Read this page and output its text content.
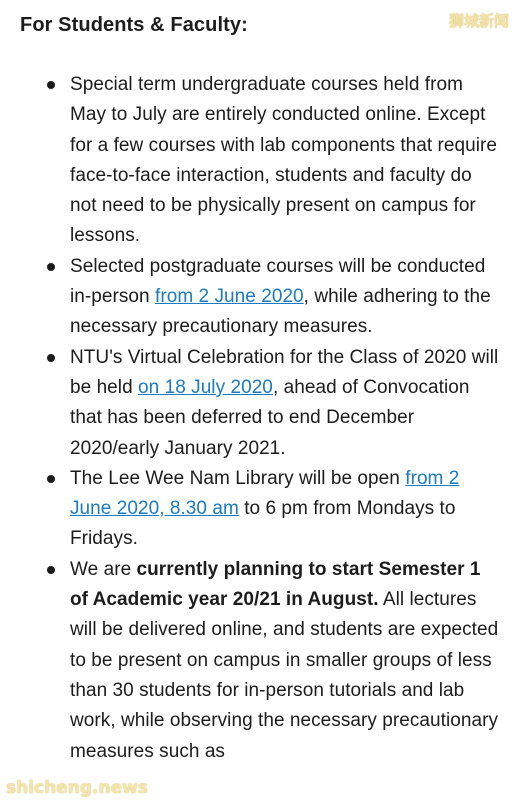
For Students & Faculty:	狮城新闻
Special term undergraduate courses held from May to July are entirely conducted online. Except for a few courses with lab components that require face-to-face interaction, students and faculty do not need to be physically present on campus for lessons.
Selected postgraduate courses will be conducted in-person from 2 June 2020, while adhering to the necessary precautionary measures.
NTU's Virtual Celebration for the Class of 2020 will be held on 18 July 2020, ahead of Convocation that has been deferred to end December 2020/early January 2021.
The Lee Wee Nam Library will be open from 2 June 2020, 8.30 am to 6 pm from Mondays to Fridays.
We are currently planning to start Semester 1 of Academic year 20/21 in August. All lectures will be delivered online, and students are expected to be present on campus in smaller groups of less than 30 students for in-person tutorials and lab work, while observing the necessary precautionary measures such as
shicheng.news
